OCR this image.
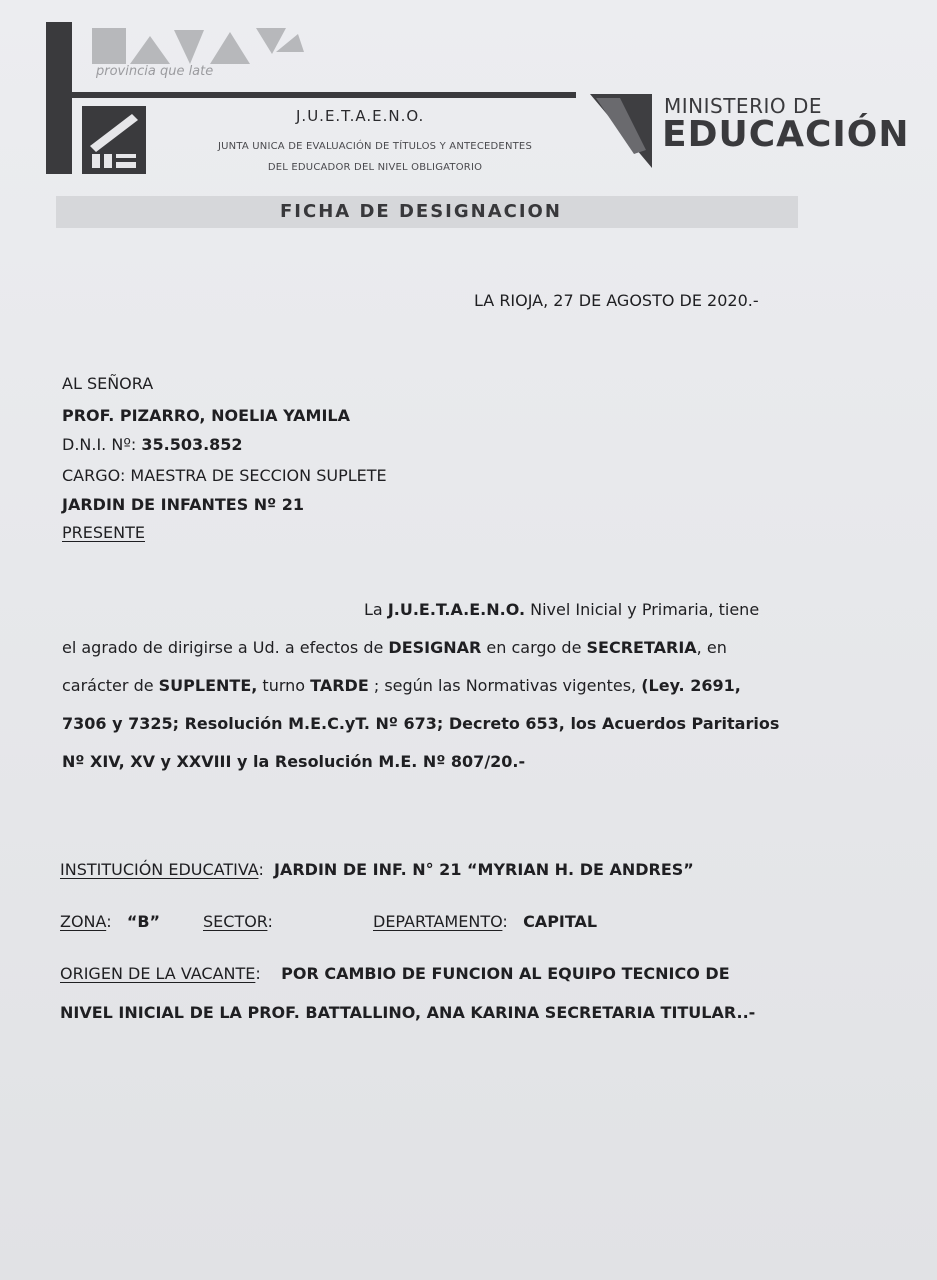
provincia que late
J.U.E.T.A.E.N.O.
JUNTA UNICA DE EVALUACIÓN DE TÍTULOS Y ANTECEDENTES
DEL EDUCADOR DEL NIVEL OBLIGATORIO
MINISTERIO DE
EDUCACIÓN
FICHA DE DESIGNACION
LA RIOJA, 27 DE AGOSTO DE 2020.-
AL SEÑORA
PROF. PIZARRO, NOELIA YAMILA
D.N.I. Nº: 35.503.852
CARGO: MAESTRA DE SECCION SUPLETE
JARDIN DE INFANTES Nº 21
PRESENTE
La J.U.E.T.A.E.N.O. Nivel Inicial y Primaria, tiene
el agrado de dirigirse a Ud. a efectos de DESIGNAR en cargo de SECRETARIA, en
carácter de SUPLENTE, turno TARDE ; según las Normativas vigentes, (Ley. 2691,
7306 y 7325; Resolución M.E.C.yT. Nº 673; Decreto 653, los Acuerdos Paritarios
Nº XIV, XV y XXVIII y la Resolución M.E. Nº 807/20.-
INSTITUCIÓN EDUCATIVA:  JARDIN DE INF. N° 21 “MYRIAN H. DE ANDRES”
ZONA:   “B”	SECTOR:	DEPARTAMENTO:   CAPITAL
ORIGEN DE LA VACANTE:    POR CAMBIO DE FUNCION AL EQUIPO TECNICO DE
NIVEL INICIAL DE LA PROF. BATTALLINO, ANA KARINA SECRETARIA TITULAR..-
